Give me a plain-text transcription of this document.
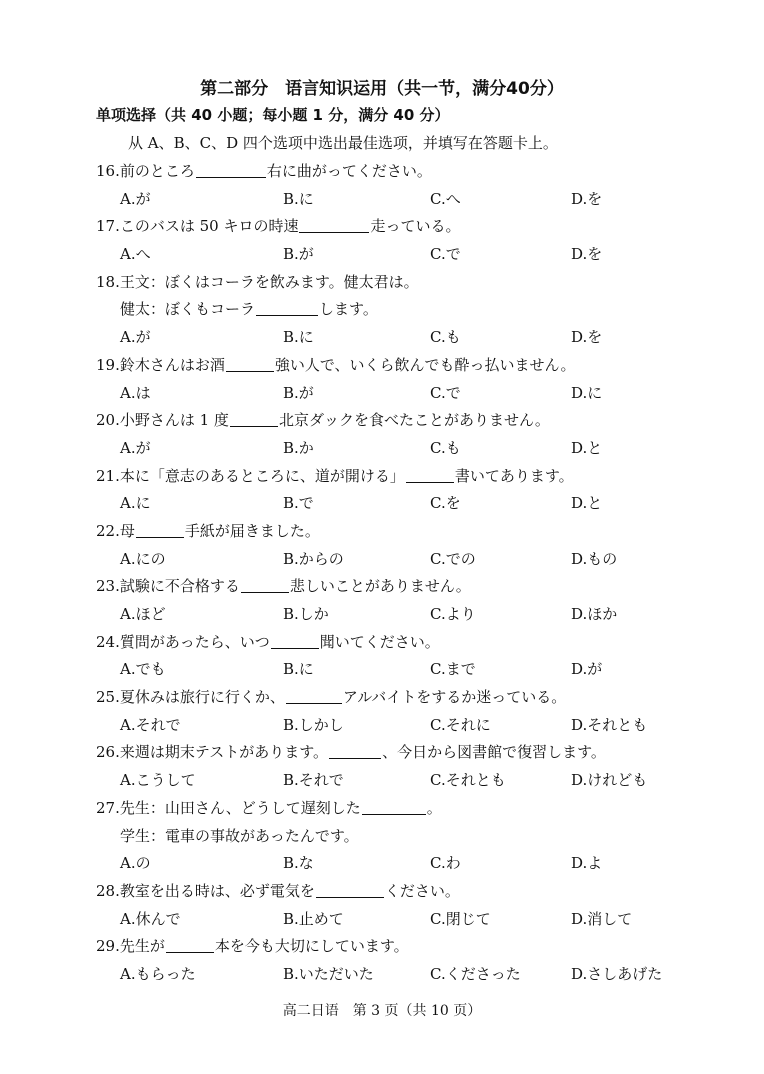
第二部分　语言知识运用（共一节，满分40分）
单项选择（共 40 小题；每小题 1 分，满分 40 分）
从 A、B、C、D 四个选项中选出最佳选项，并填写在答题卡上。
16.前のところ	右に曲がってください。
A.が	B.に	C.へ	D.を
17.このバスは 50 キロの時速	走っている。
A.へ	B.が	C.で	D.を
18.王文：ぼくはコーラを飲みます。健太君は。
健太：ぼくもコーラ	します。
A.が	B.に	C.も	D.を
19.鈴木さんはお酒	強い人で、いくら飲んでも酔っ払いません。
A.は	B.が	C.で	D.に
20.小野さんは 1 度	北京ダックを食べたことがありません。
A.が	B.か	C.も	D.と
21.本に「意志のあるところに、道が開ける」	書いてあります。
A.に	B.で	C.を	D.と
22.母	手紙が届きました。
A.にの	B.からの	C.での	D.もの
23.試験に不合格する	悲しいことがありません。
A.ほど	B.しか	C.より	D.ほか
24.質問があったら、いつ	聞いてください。
A.でも	B.に	C.まで	D.が
25.夏休みは旅行に行くか、	アルバイトをするか迷っている。
A.それで	B.しかし	C.それに	D.それとも
26.来週は期末テストがあります。	、今日から図書館で復習します。
A.こうして	B.それで	C.それとも	D.けれども
27.先生：山田さん、どうして遅刻した	。
学生：電車の事故があったんです。
A.の	B.な	C.わ	D.よ
28.教室を出る時は、必ず電気を	ください。
A.休んで	B.止めて	C.閉じて	D.消して
29.先生が	本を今も大切にしています。
A.もらった	B.いただいた	C.くださった	D.さしあげた
高二日语　第 3 页（共 10 页）
